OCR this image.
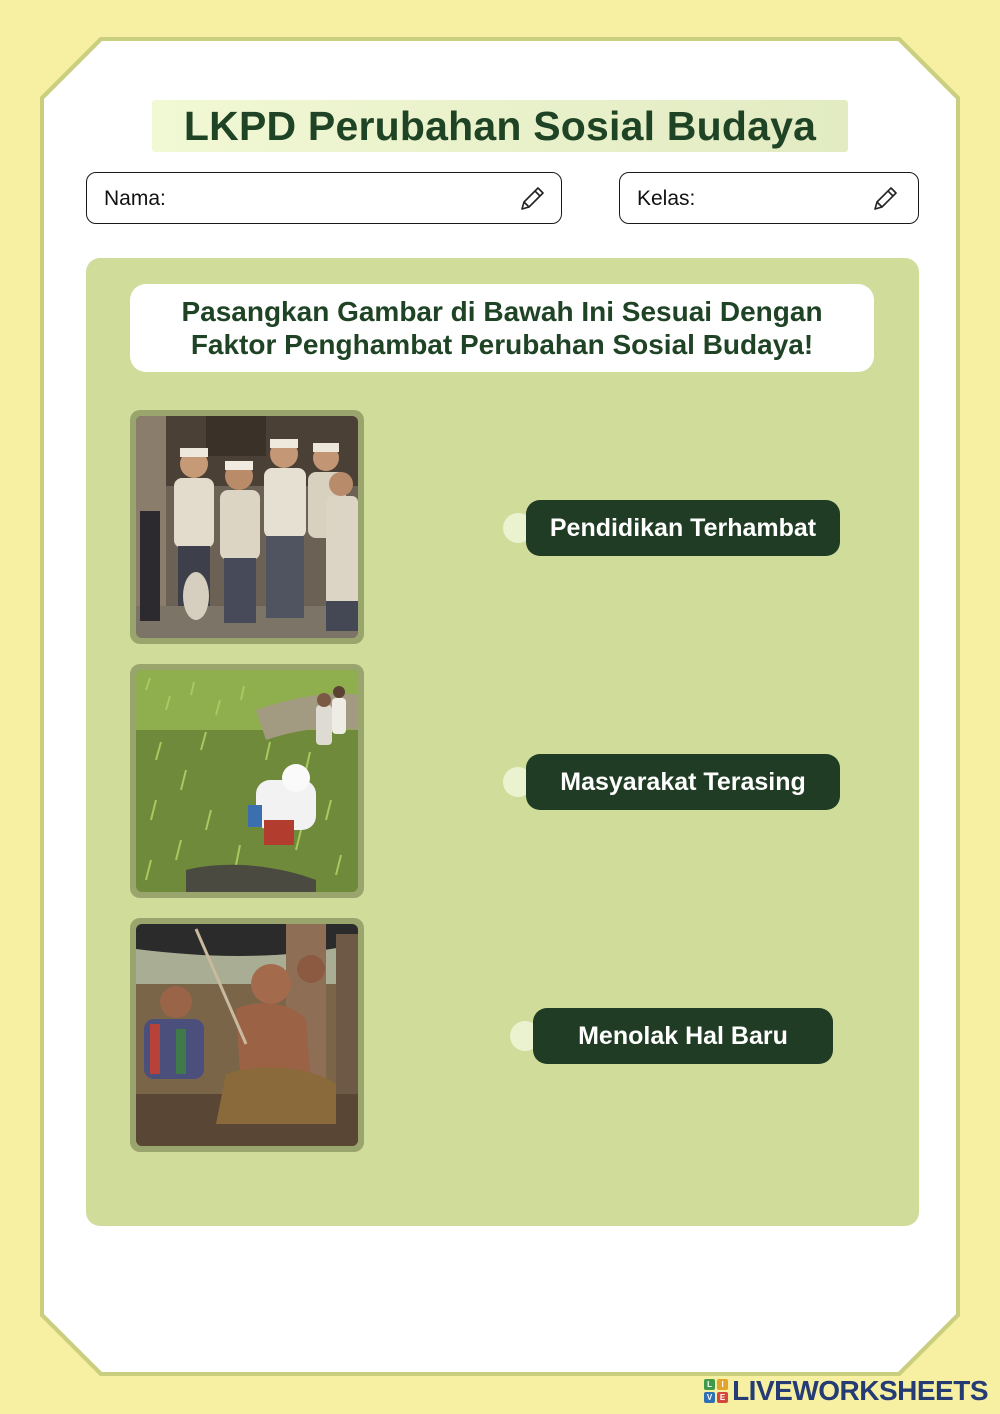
LKPD Perubahan Sosial Budaya
Nama:	Kelas:
Pasangkan Gambar di Bawah Ini Sesuai Dengan
Faktor Penghambat Perubahan Sosial Budaya!
Pendidikan Terhambat
Masyarakat Terasing
Menolak Hal Baru
L	I
V E LIVEWORKSHEETS
